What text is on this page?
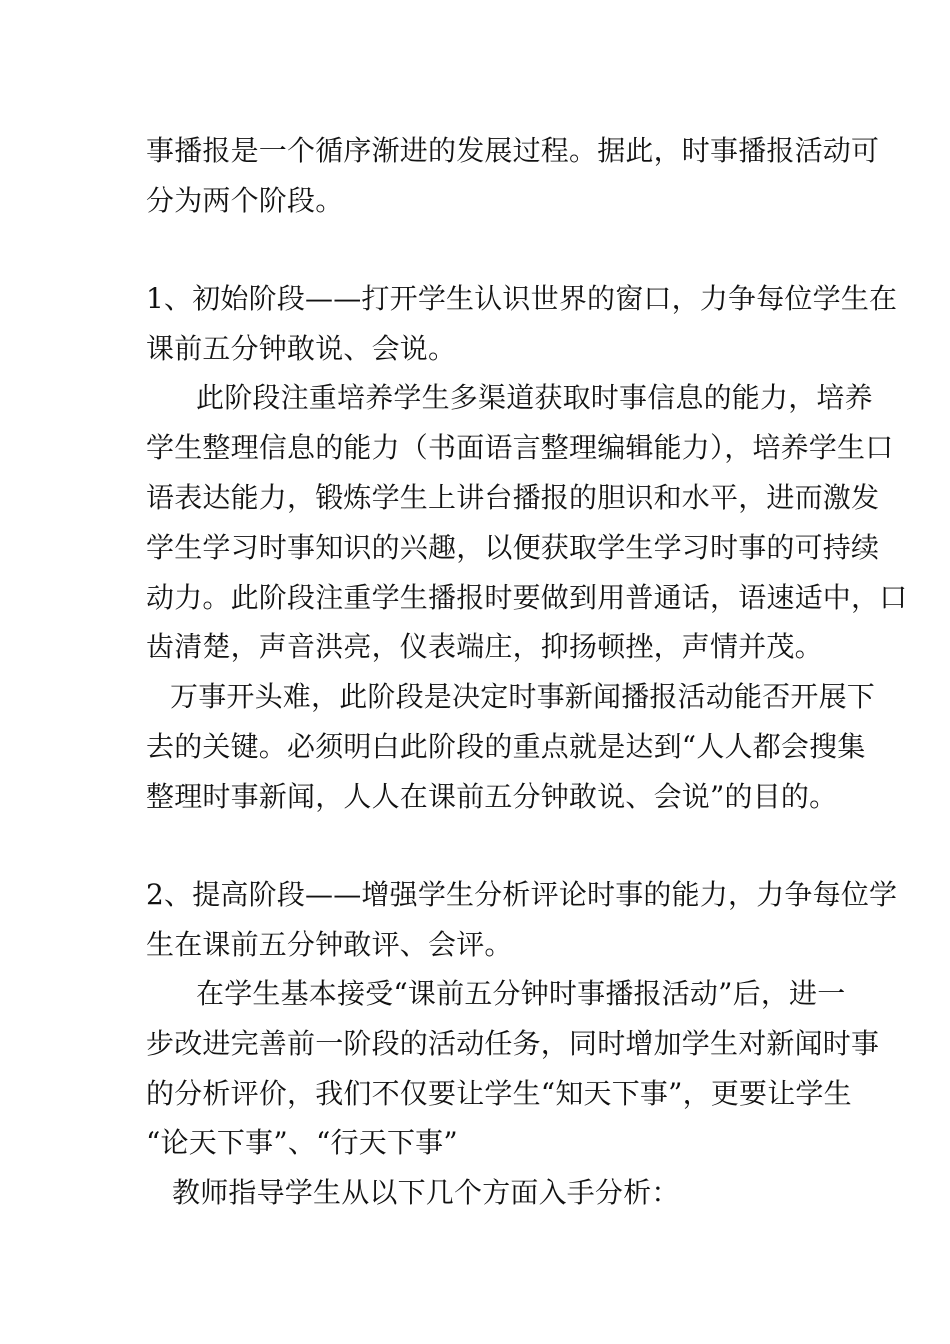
事播报是一个循序渐进的发展过程。据此，时事播报活动可
分为两个阶段。
1、初始阶段——打开学生认识世界的窗口，力争每位学生在
课前五分钟敢说、会说。
此阶段注重培养学生多渠道获取时事信息的能力，培养
学生整理信息的能力（书面语言整理编辑能力），培养学生口
语表达能力，锻炼学生上讲台播报的胆识和水平，进而激发
学生学习时事知识的兴趣，以便获取学生学习时事的可持续
动力。此阶段注重学生播报时要做到用普通话，语速适中，口
齿清楚，声音洪亮，仪表端庄，抑扬顿挫，声情并茂。
万事开头难，此阶段是决定时事新闻播报活动能否开展下
去的关键。必须明白此阶段的重点就是达到“人人都会搜集
整理时事新闻，人人在课前五分钟敢说、会说”的目的。
2、提高阶段——增强学生分析评论时事的能力，力争每位学
生在课前五分钟敢评、会评。
在学生基本接受“课前五分钟时事播报活动”后，进一
步改进完善前一阶段的活动任务，同时增加学生对新闻时事
的分析评价，我们不仅要让学生“知天下事”，更要让学生
“论天下事”、“行天下事”
教师指导学生从以下几个方面入手分析：
